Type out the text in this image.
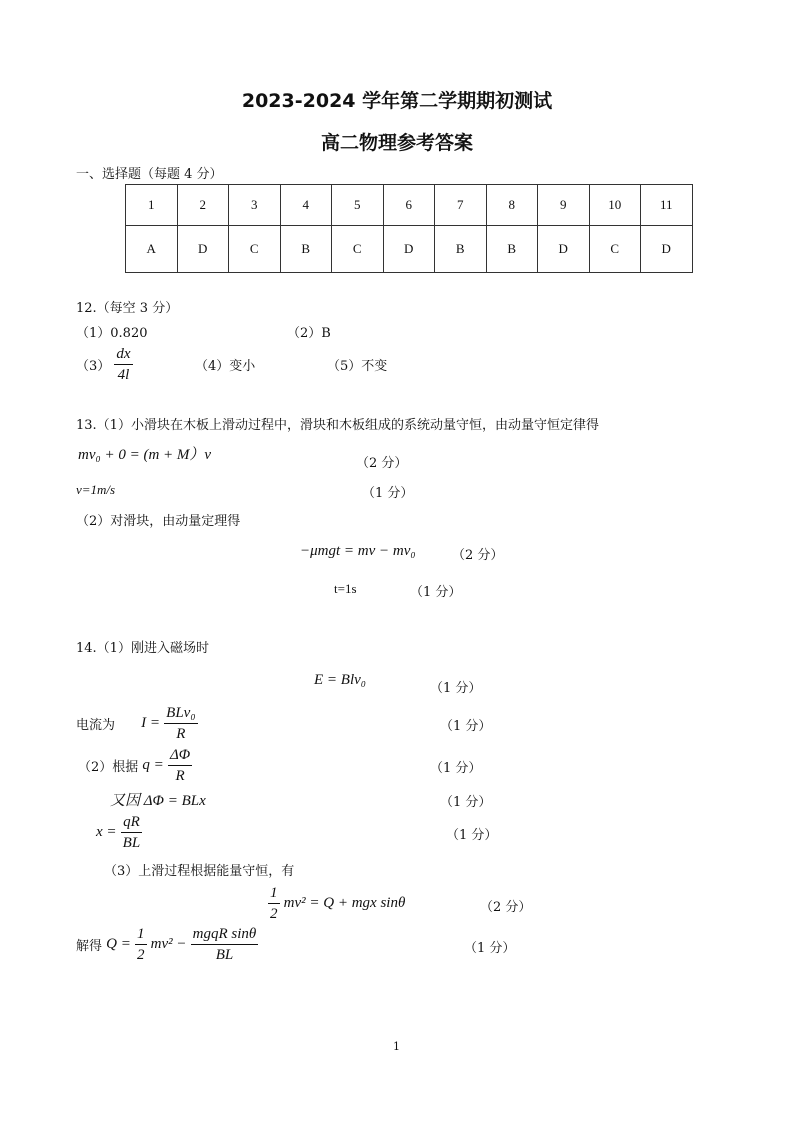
2023-2024 学年第二学期期初测试
高二物理参考答案
一、选择题（每题 4 分）
1	2	3	4	5	6	7	8	9	10	11
A	D	C	B	C	D	B	B	D	C	D
12.（每空 3 分）
（1）0.820	（2）B
$(3) \frac{dx}{4l}$	（4）变小	（5）不变
13.（1）小滑块在木板上滑动过程中，滑块和木板组成的系统动量守恒，由动量守恒定律得
mv₀ + 0 = (m + M）v
（2 分）
v=1m/s	（1 分）
（2）对滑块，由动量定理得
−μmgt = mv − mv₀	（2 分）
t=1s	（1 分）
14.（1）刚进入磁场时
E = Blv₀
（1 分）
电流为 $I = \frac{\text{BLv₀}}{R}$	（1 分）
（2）根据 $q = \frac{\Delta\Phi}{R}$	（1 分）
又因 ΔΦ = BLx	（1 分）
$x = \frac{qR}{BL}$	（1 分）
（3）上滑过程根据能量守恒，有
$\frac{1}{2} mv^2 = Q$ + mgx sinθ	（2 分）
解得 $Q = \frac{1}{2} mv^2 - \frac{\text{mgqR sinθ}}{BL}$	（1 分）
1
